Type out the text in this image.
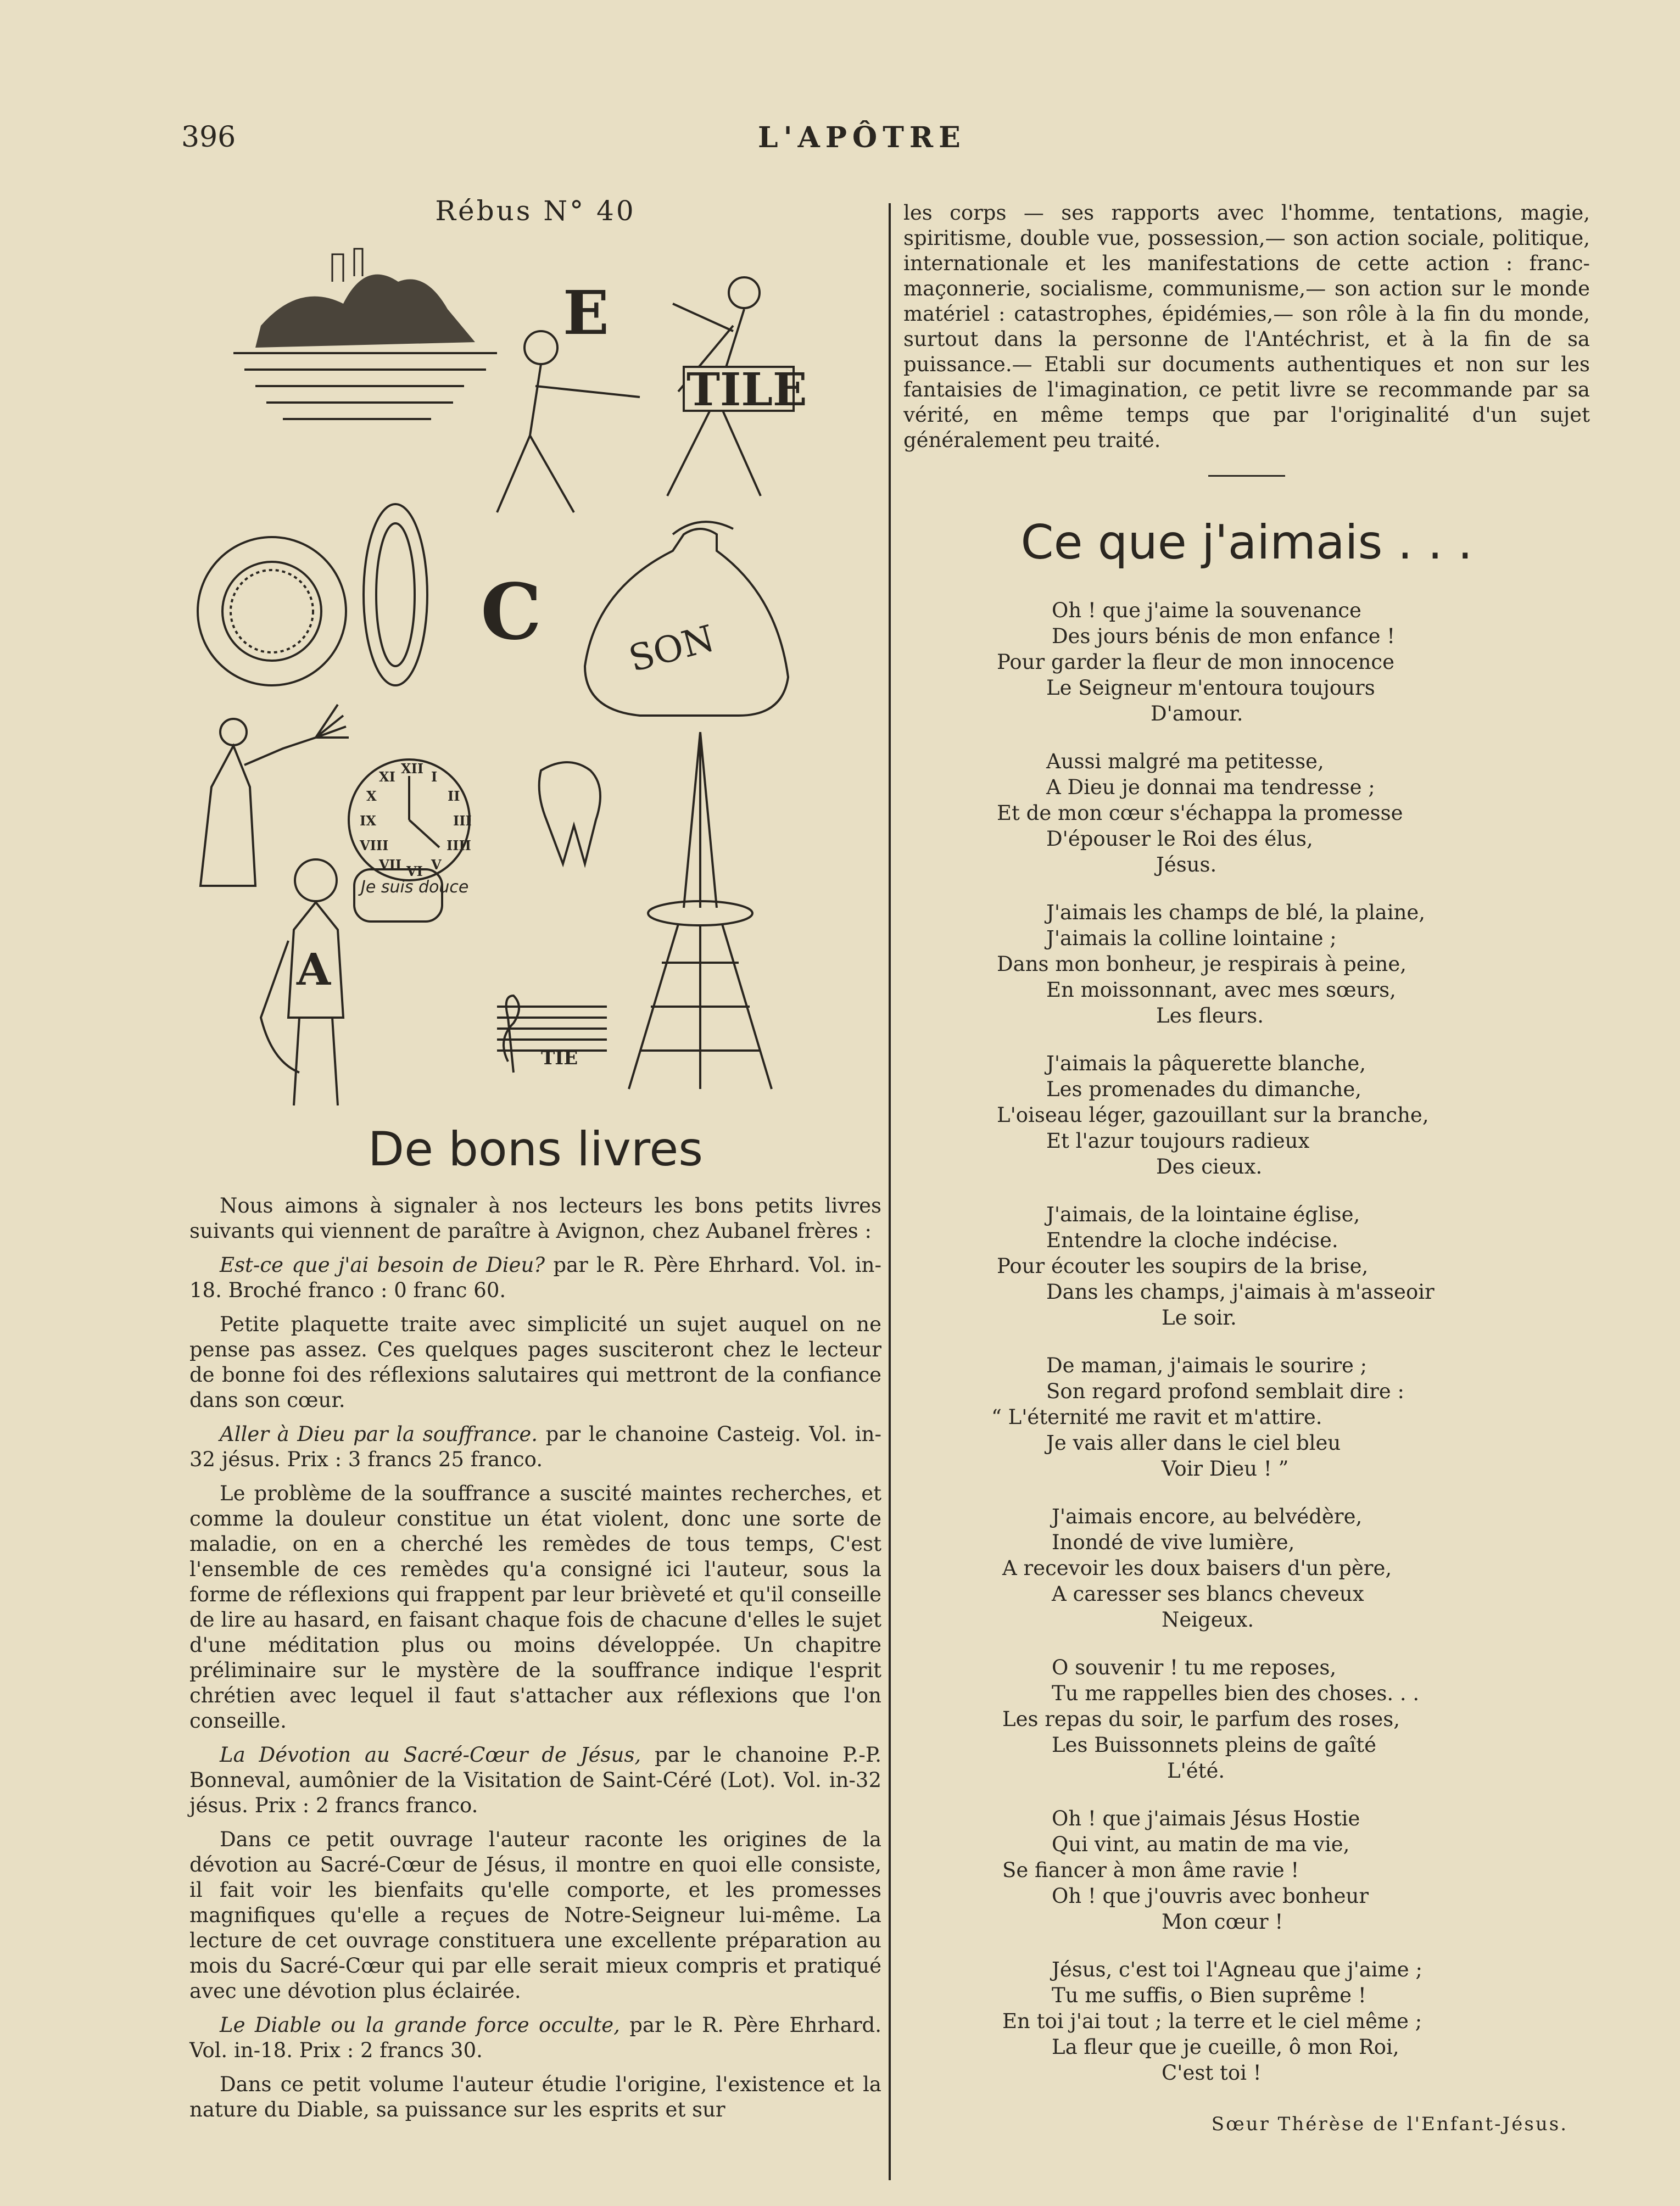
396	L'APÔTRE
Rébus N° 40
E
TILE
C SON
XII
I
II
III
IIII
V
VI
VII
VIII
IX
X
XI
A
Je suis douce
TIE
De bons livres

Nous aimons à signaler à nos lecteurs les bons petits livres suivants qui viennent de paraître à Avignon, chez Aubanel frères :

Est-ce que j'ai besoin de Dieu? par le R. Père Ehrhard. Vol. in-18. Broché franco : 0 franc 60.

Petite plaquette traite avec simplicité un sujet auquel on ne pense pas assez. Ces quelques pages susciteront chez le lecteur de bonne foi des réflexions salutaires qui mettront de la confiance dans son cœur.

Aller à Dieu par la souffrance. par le chanoine Casteig. Vol. in-32 jésus. Prix : 3 francs 25 franco.

Le problème de la souffrance a suscité maintes recherches, et comme la douleur constitue un état violent, donc une sorte de maladie, on en a cherché les remèdes de tous temps, C'est l'ensemble de ces remèdes qu'a consigné ici l'auteur, sous la forme de réflexions qui frappent par leur brièveté et qu'il conseille de lire au hasard, en faisant chaque fois de chacune d'elles le sujet d'une méditation plus ou moins développée. Un chapitre préliminaire sur le mystère de la souffrance indique l'esprit chrétien avec lequel il faut s'attacher aux réflexions que l'on conseille.

La Dévotion au Sacré-Cœur de Jésus, par le chanoine P.-P. Bonneval, aumônier de la Visitation de Saint-Céré (Lot). Vol. in-32 jésus. Prix : 2 francs franco.

Dans ce petit ouvrage l'auteur raconte les origines de la dévotion au Sacré-Cœur de Jésus, il montre en quoi elle consiste, il fait voir les bienfaits qu'elle comporte, et les promesses magnifiques qu'elle a reçues de Notre-Seigneur lui-même. La lecture de cet ouvrage constituera une excellente préparation au mois du Sacré-Cœur qui par elle serait mieux compris et pratiqué avec une dévotion plus éclairée.

Le Diable ou la grande force occulte, par le R. Père Ehrhard. Vol. in-18. Prix : 2 francs 30.

Dans ce petit volume l'auteur étudie l'origine, l'existence et la nature du Diable, sa puissance sur les esprits et sur

les corps — ses rapports avec l'homme, tentations, magie, spiritisme, double vue, possession,— son action sociale, politique, internationale et les manifestations de cette action : franc-maçonnerie, socialisme, communisme,— son action sur le monde matériel : catastrophes, épidémies,— son rôle à la fin du monde, surtout dans la personne de l'Antéchrist, et à la fin de sa puissance.— Etabli sur documents authentiques et non sur les fantaisies de l'imagination, ce petit livre se recommande par sa vérité, en même temps que par l'originalité d'un sujet généralement peu traité.

Ce que j'aimais . . .
Oh ! que j'aime la souvenance
Des jours bénis de mon enfance !
Pour garder la fleur de mon innocence
Le Seigneur m'entoura toujours
D'amour.
Aussi malgré ma petitesse,
A Dieu je donnai ma tendresse ;
Et de mon cœur s'échappa la promesse
D'épouser le Roi des élus,
Jésus.
J'aimais les champs de blé, la plaine,
J'aimais la colline lointaine ;
Dans mon bonheur, je respirais à peine,
En moissonnant, avec mes sœurs,
Les fleurs.
J'aimais la pâquerette blanche,
Les promenades du dimanche,
L'oiseau léger, gazouillant sur la branche,
Et l'azur toujours radieux
Des cieux.
J'aimais, de la lointaine église,
Entendre la cloche indécise.
Pour écouter les soupirs de la brise,
Dans les champs, j'aimais à m'asseoir
Le soir.
De maman, j'aimais le sourire ;
Son regard profond semblait dire :
“ L'éternité me ravit et m'attire.
Je vais aller dans le ciel bleu
Voir Dieu ! ”
J'aimais encore, au belvédère,
Inondé de vive lumière,
A recevoir les doux baisers d'un père,
A caresser ses blancs cheveux
Neigeux.
O souvenir ! tu me reposes,
Tu me rappelles bien des choses. . .
Les repas du soir, le parfum des roses,
Les Buissonnets pleins de gaîté
L'été.
Oh ! que j'aimais Jésus Hostie
Qui vint, au matin de ma vie,
Se fiancer à mon âme ravie !
Oh ! que j'ouvris avec bonheur
Mon cœur !
Jésus, c'est toi l'Agneau que j'aime ;
Tu me suffis, o Bien suprême !
En toi j'ai tout ; la terre et le ciel même ;
La fleur que je cueille, ô mon Roi,
C'est toi !
Sœur Thérèse de l'Enfant-Jésus.
